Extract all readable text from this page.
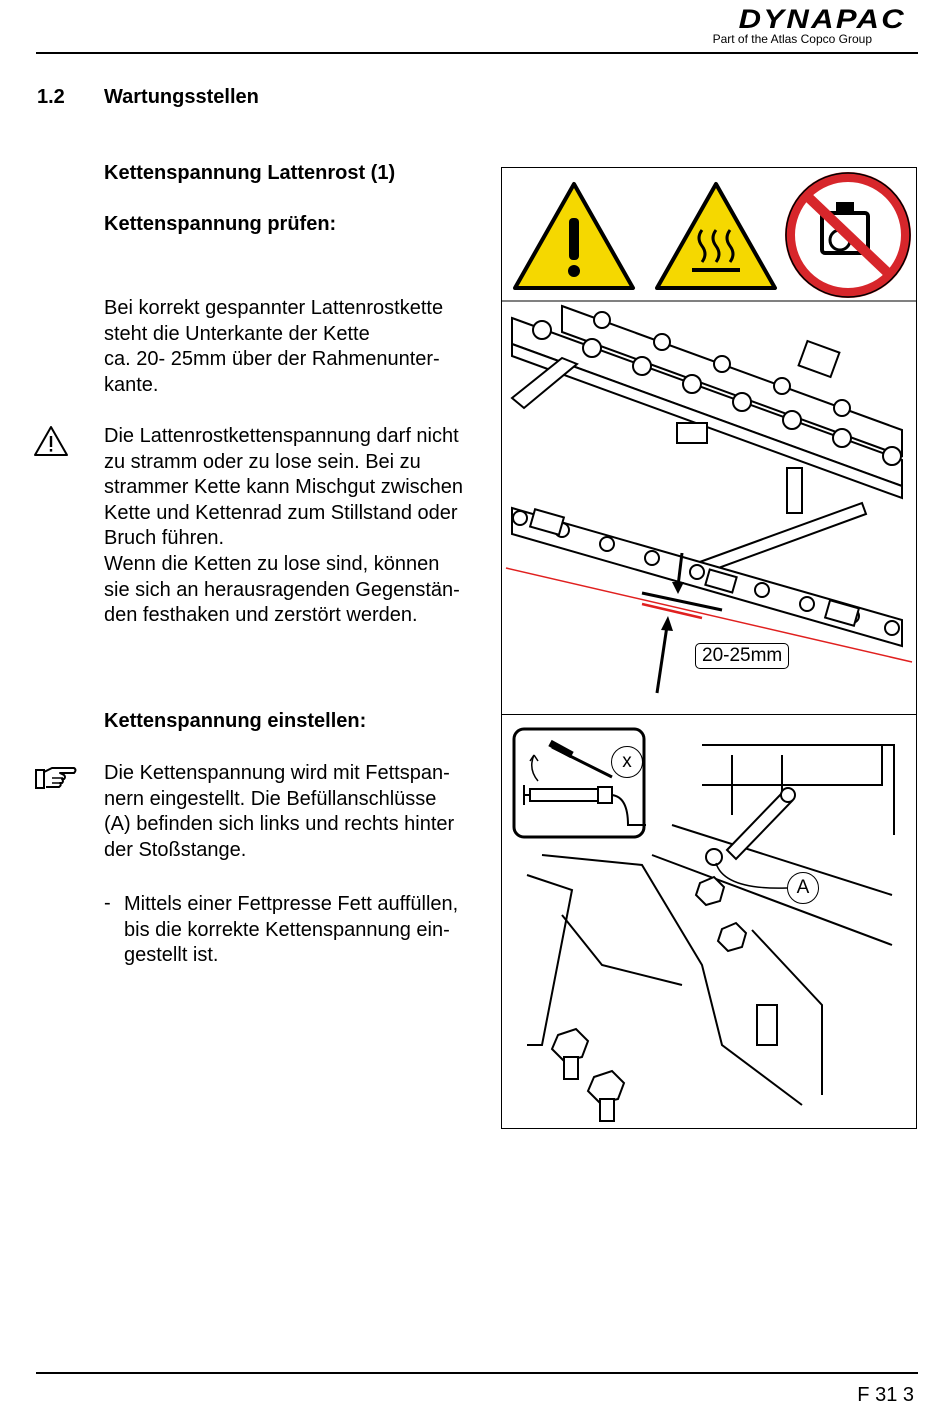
DYNAPAC
Part of the Atlas Copco Group
1.2 Wartungsstellen
Kettenspannung Lattenrost (1)
Kettenspannung prüfen:
Bei korrekt gespannter Lattenrostkette
steht die Unterkante der Kette
ca. 20- 25mm über der Rahmenunter-
kante.
Die Lattenrostkettenspannung darf nicht
zu stramm oder zu lose sein. Bei zu
strammer Kette kann Mischgut zwischen
Kette und Kettenrad zum Stillstand oder
Bruch führen.
Wenn die Ketten zu lose sind, können
sie sich an herausragenden Gegenstän-
den festhaken und zerstört werden.
Kettenspannung einstellen:
Die Kettenspannung wird mit Fettspan-
nern eingestellt. Die Befüllanschlüsse
(A) befinden sich links und rechts hinter
der Stoßstange.
- Mittels einer Fettpresse Fett auffüllen,
bis die korrekte Kettenspannung ein-
gestellt ist.
20-25mm
x
A
F 31 3
